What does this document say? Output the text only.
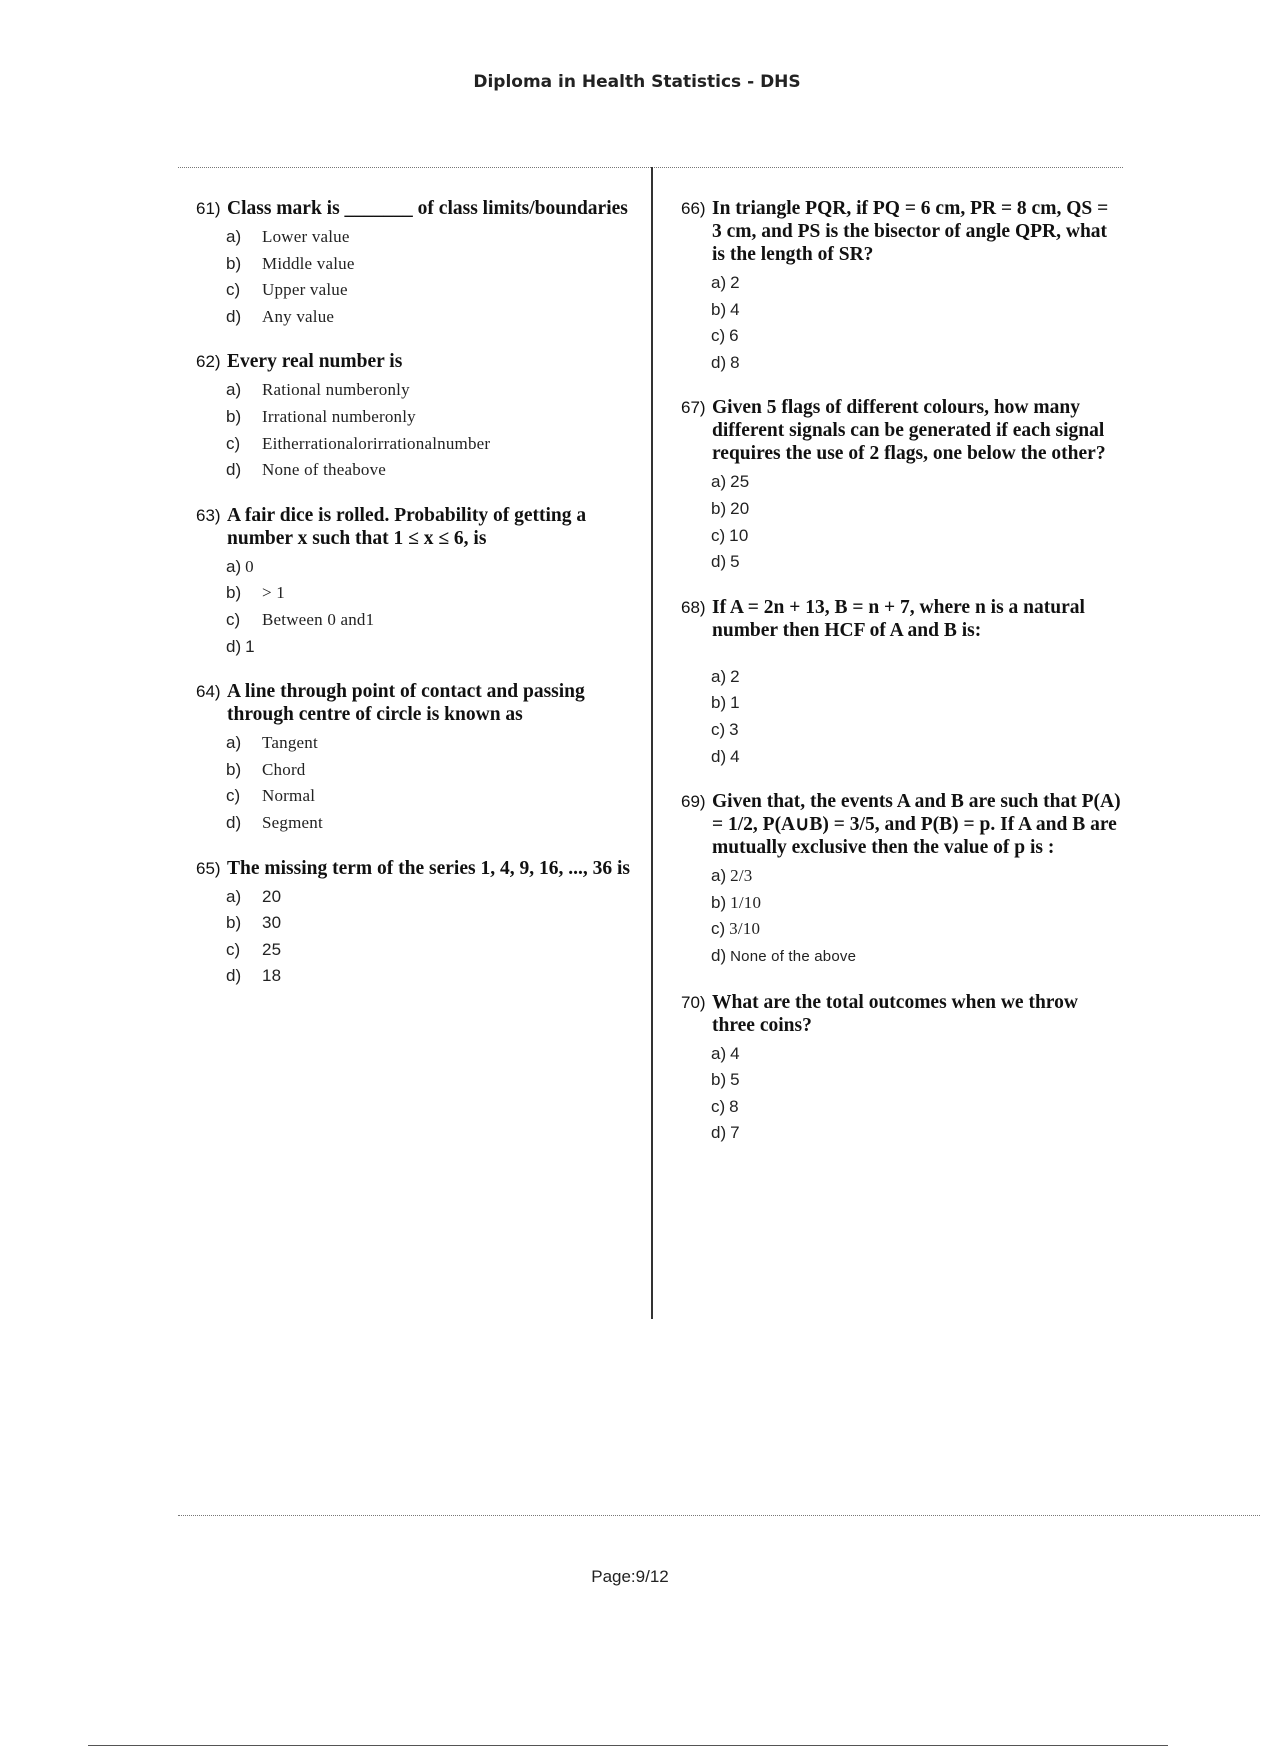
Diploma in Health Statistics - DHS
61) Class mark is _______ of class limits/boundaries
a) Lower value
b) Middle value
c) Upper value
d) Any value
62) Every real number is
a) Rational numberonly
b) Irrational numberonly
c) Eitherrationalorirrationalnumber
d) None of theabove
63) A fair dice is rolled. Probability of getting a number x such that 1 ≤ x ≤ 6, is
a) 0
b) > 1
c) Between 0 and1
d) 1
64) A line through point of contact and passing through centre of circle is known as
a) Tangent
b) Chord
c) Normal
d) Segment
65) The missing term of the series 1, 4, 9, 16, ..., 36 is
a) 20
b) 30
c) 25
d) 18
66) In triangle PQR, if PQ = 6 cm, PR = 8 cm, QS = 3 cm, and PS is the bisector of angle QPR, what is the length of SR?
a) 2
b) 4
c) 6
d) 8
67) Given 5 flags of different colours, how many different signals can be generated if each signal requires the use of 2 flags, one below the other?
a) 25
b) 20
c) 10
d) 5
68) If A = 2n + 13, B = n + 7, where n is a natural number then HCF of A and B is:
a) 2
b) 1
c) 3
d) 4
69) Given that, the events A and B are such that P(A) = 1/2, P(A∪B) = 3/5, and P(B) = p. If A and B are mutually exclusive then the value of p is :
a) 2/3
b) 1/10
c) 3/10
d) None of the above
70) What are the total outcomes when we throw three coins?
a) 4
b) 5
c) 8
d) 7
Page:9/12
